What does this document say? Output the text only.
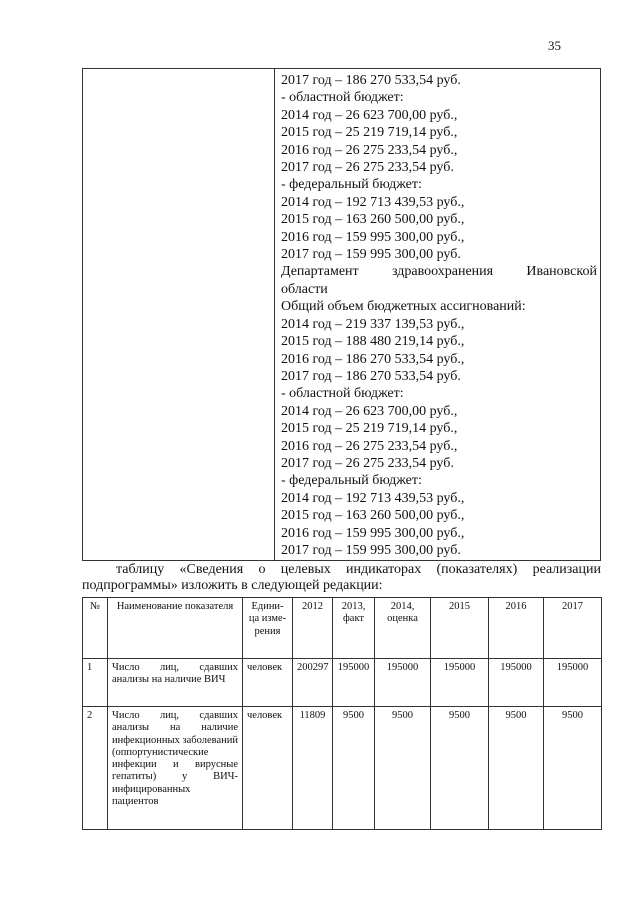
35
2017 год – 186 270 533,54 руб.
- областной бюджет:
2014 год – 26 623 700,00 руб.,
2015 год – 25 219 719,14 руб.,
2016 год – 26 275 233,54 руб.,
2017 год – 26 275 233,54 руб.
- федеральный бюджет:
2014 год – 192 713 439,53 руб.,
2015 год – 163 260 500,00 руб.,
2016 год – 159 995 300,00 руб.,
2017 год – 159 995 300,00 руб.
Департамент здравоохранения Ивановской
области
Общий объем бюджетных ассигнований:
2014 год – 219 337 139,53 руб.,
2015 год – 188 480 219,14 руб.,
2016 год – 186 270 533,54 руб.,
2017 год – 186 270 533,54 руб.
- областной бюджет:
2014 год – 26 623 700,00 руб.,
2015 год – 25 219 719,14 руб.,
2016 год – 26 275 233,54 руб.,
2017 год – 26 275 233,54 руб.
- федеральный бюджет:
2014 год – 192 713 439,53 руб.,
2015 год – 163 260 500,00 руб.,
2016 год – 159 995 300,00 руб.,
2017 год – 159 995 300,00 руб.
таблицу «Сведения о целевых индикаторах (показателях) реализации
подпрограммы» изложить в следующей редакции:
№	Наименование показателя	Едини-ца изме-рения	2012	2013, факт	2014, оценка	2015	2016	2017
1	Число лиц, сдавших анализы на наличие ВИЧ	человек	200297	195000	195000	195000	195000	195000
2	Число лиц, сдавших анализы на наличие инфекционных заболеваний (оппортунистические инфекции и вирусные гепатиты) у ВИЧ-инфицированных пациентов	человек	11809	9500	9500	9500	9500	9500
